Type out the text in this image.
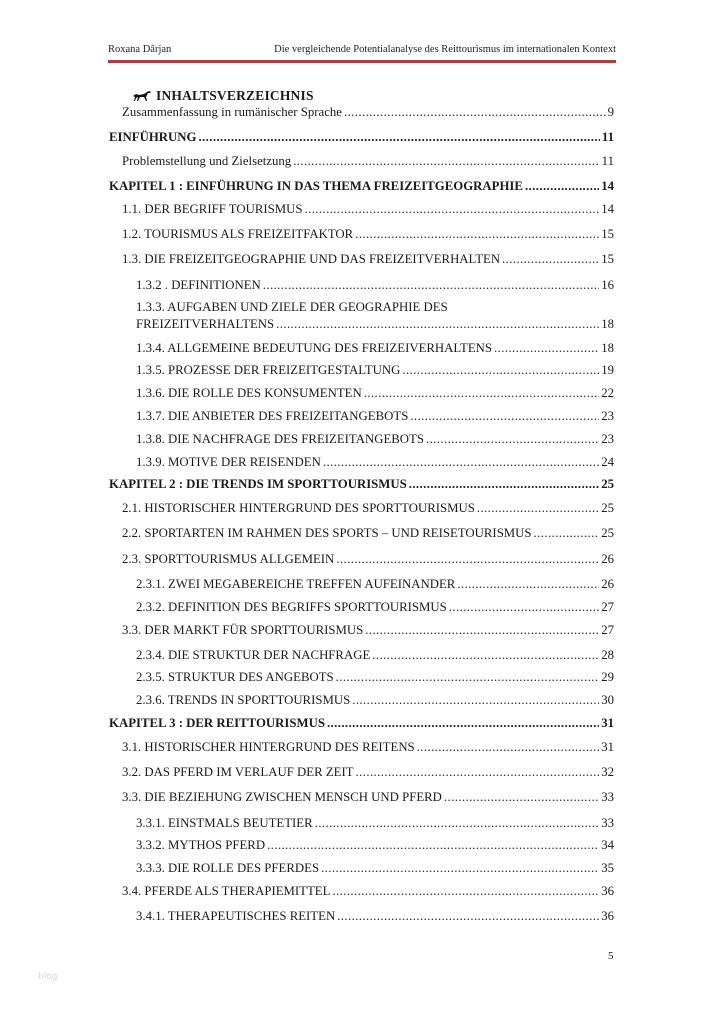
Roxana Dârjan	Die vergleichende Potentialanalyse des Reittourismus im internationalen Kontext
INHALTSVERZEICHNIS
Zusammenfassung in rumänischer Sprache .....	9
EINFÜHRUNG .....	11
Problemstellung und Zielsetzung .....	11
KAPITEL 1 : EINFÜHRUNG IN DAS THEMA FREIZEITGEOGRAPHIE .....	14
1.1. DER BEGRIFF TOURISMUS .....	14
1.2. TOURISMUS ALS FREIZEITFAKTOR .....	15
1.3. DIE FREIZEITGEOGRAPHIE UND DAS FREIZEITVERHALTEN .....	15
1.3.2 . DEFINITIONEN .....	16
1.3.3. AUFGABEN UND ZIELE DER GEOGRAPHIE DES
FREIZEITVERHALTENS .....	18
1.3.4. ALLGEMEINE BEDEUTUNG DES FREIZEIVERHALTENS .....	18
1.3.5. PROZESSE DER FREIZEITGESTALTUNG .....	19
1.3.6. DIE ROLLE DES KONSUMENTEN .....	22
1.3.7. DIE ANBIETER DES FREIZEITANGEBOTS .....	23
1.3.8. DIE NACHFRAGE DES FREIZEITANGEBOTS .....	23
1.3.9. MOTIVE DER REISENDEN .....	24
KAPITEL 2 : DIE TRENDS IM SPORTTOURISMUS .....	25
2.1. HISTORISCHER HINTERGRUND DES SPORTTOURISMUS .....	25
2.2. SPORTARTEN IM RAHMEN DES SPORTS – UND REISETOURISMUS .....	25
2.3. SPORTTOURISMUS ALLGEMEIN .....	26
2.3.1. ZWEI MEGABEREICHE TREFFEN AUFEINANDER .....	26
2.3.2. DEFINITION DES BEGRIFFS SPORTTOURISMUS .....	27
3.3. DER MARKT FÜR SPORTTOURISMUS .....	27
2.3.4. DIE STRUKTUR DER NACHFRAGE .....	28
2.3.5. STRUKTUR DES ANGEBOTS .....	29
2.3.6. TRENDS IN SPORTTOURISMUS .....	30
KAPITEL 3 : DER REITTOURISMUS .....	31
3.1. HISTORISCHER HINTERGRUND DES REITENS .....	31
3.2. DAS PFERD IM VERLAUF DER ZEIT .....	32
3.3. DIE BEZIEHUNG ZWISCHEN MENSCH UND PFERD .....	33
3.3.1. EINSTMALS BEUTETIER .....	33
3.3.2. MYTHOS PFERD .....	34
3.3.3. DIE ROLLE DES PFERDES .....	35
3.4. PFERDE ALS THERAPIEMITTEL .....	36
3.4.1. THERAPEUTISCHES REITEN .....	36
5
blog
